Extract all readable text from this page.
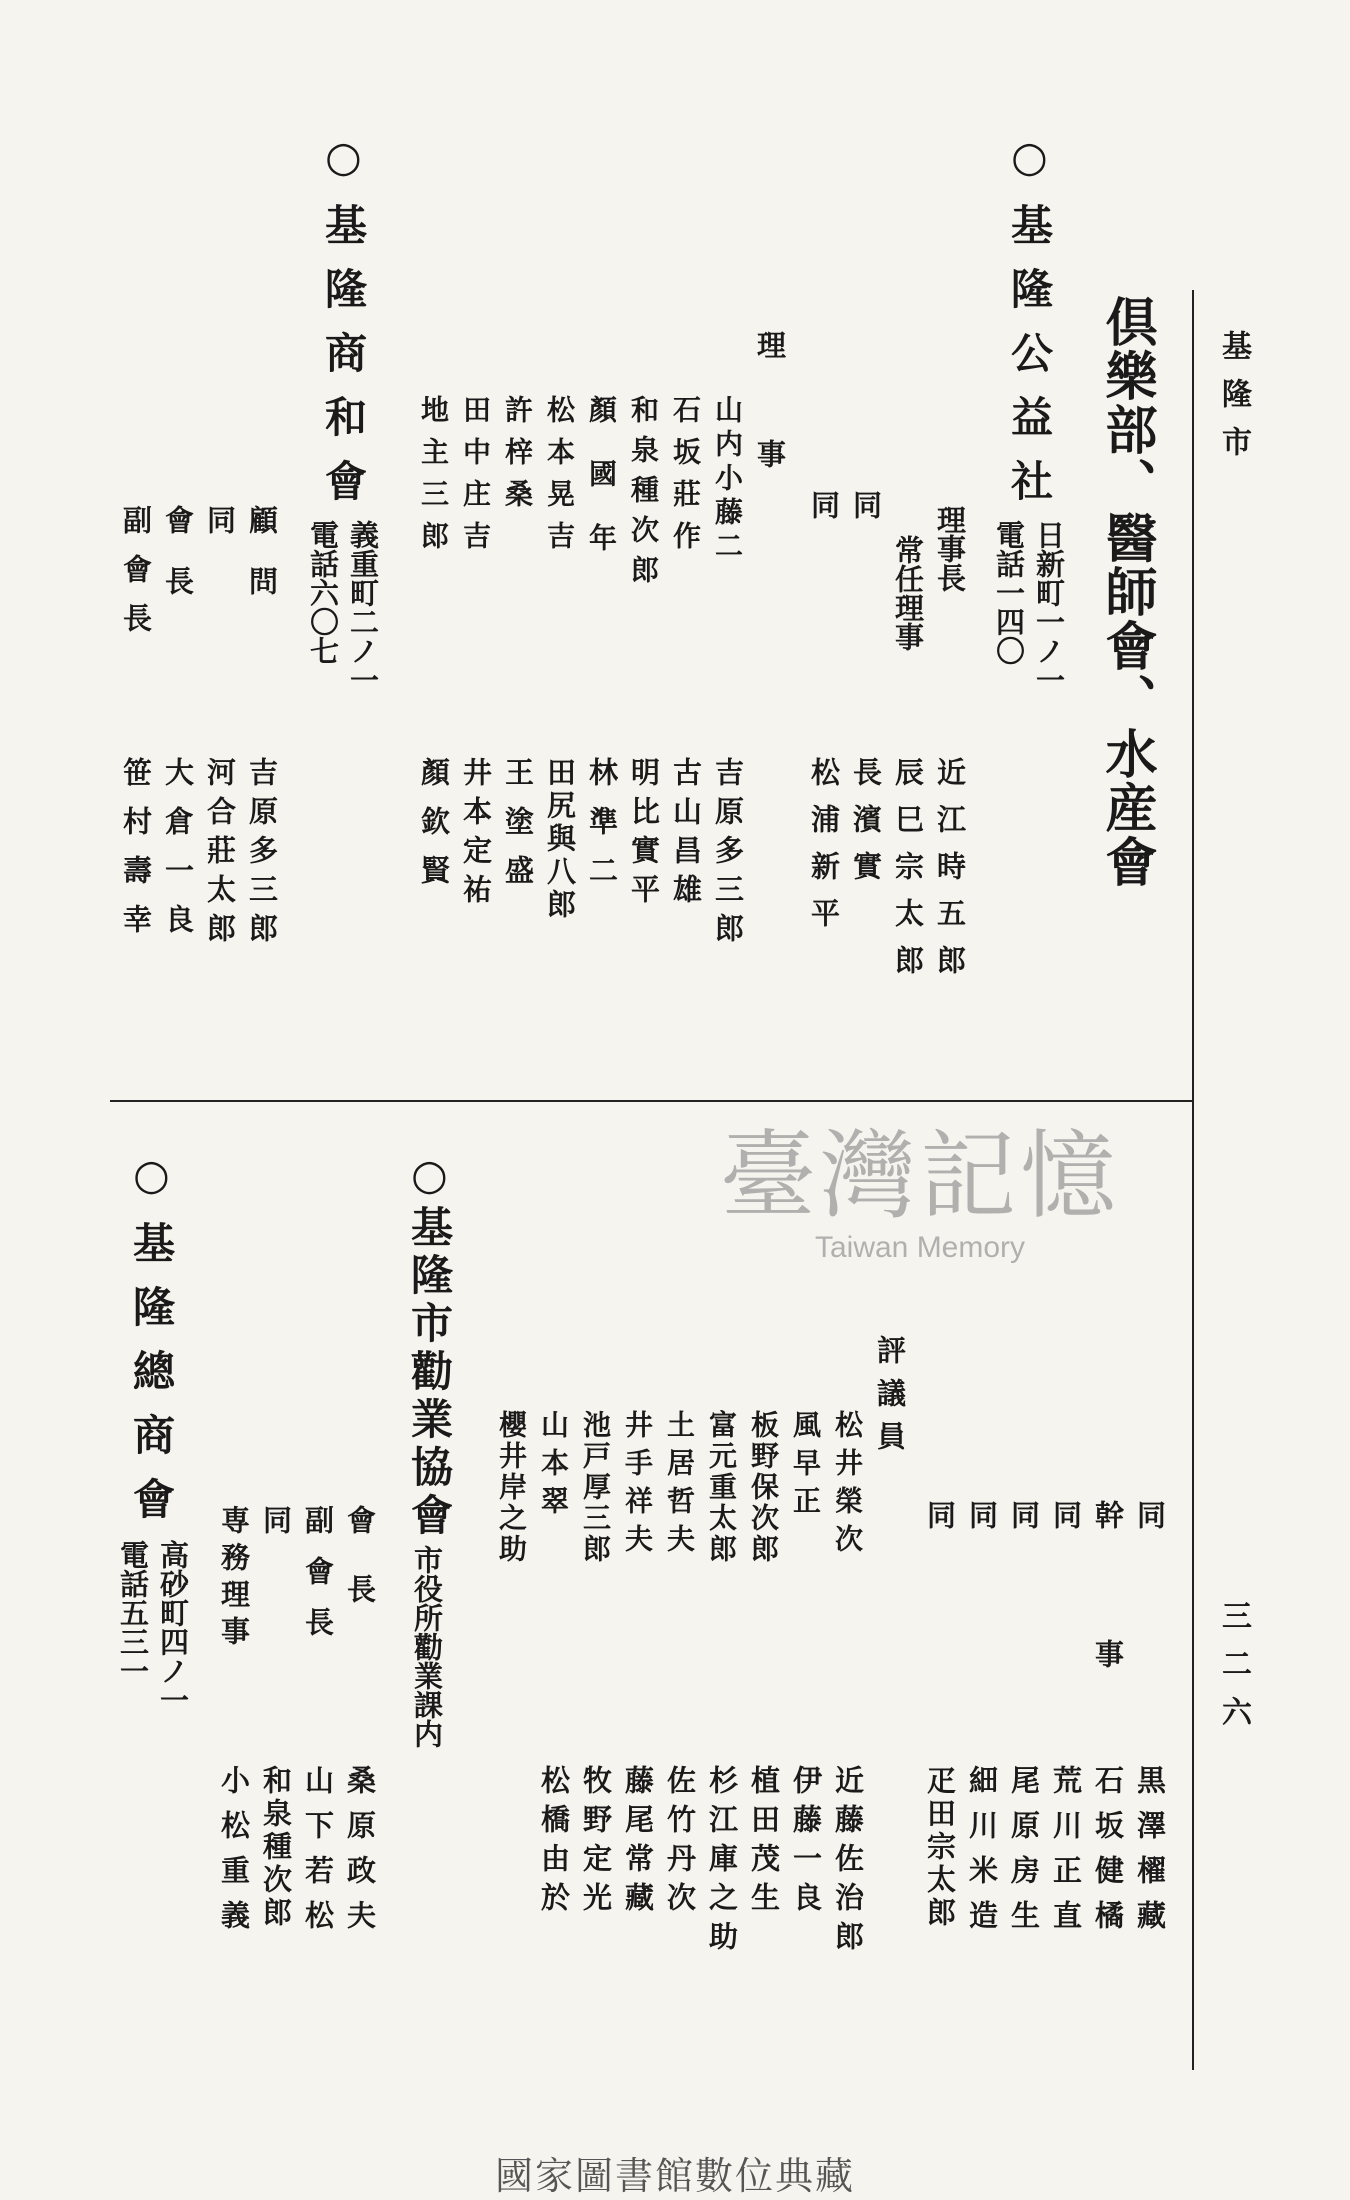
基隆市
三二六
倶樂部、醫師會、水産會
○基隆公益社
日新町一ノ一
電話一四〇
理事長
常任理事
同
同
近江時五郎
辰巳宗太郎
長濱實
松浦新平
理事
山内小藤二
石坂莊作
和泉種次郎
顏國年
松本晃吉
許梓桑
田中庄吉
地主三郎
吉原多三郎
古山昌雄
明比實平
林準二
田尻與八郎
王塗盛
井本定祐
顏欽賢
○基隆商和會
義重町二ノ一
電話六〇七
顧問
同
會長
副會長
吉原多三郎
河合莊太郎
大倉一良
笹村壽幸
同
幹事
同
同
同
同
黒澤櫂藏
石坂健橘
荒川正直
尾原房生
細川米造
疋田宗太郎
評議員
松井榮次
風早正
板野保次郎
富元重太郎
土居哲夫
井手祥夫
池戸厚三郎
山本翠
櫻井岸之助
近藤佐治郎
伊藤一良
植田茂生
杉江庫之助
佐竹丹次
藤尾常藏
牧野定光
松橋由於
○基隆市勸業協會
市役所勸業課内
○基隆總商會
高砂町四ノ一
電話五三一	會長
副會長
同
専務理事
桑原政夫
山下若松
和泉種次郎
小松重義
臺灣記憶
Taiwan Memory
國家圖書館數位典藏
